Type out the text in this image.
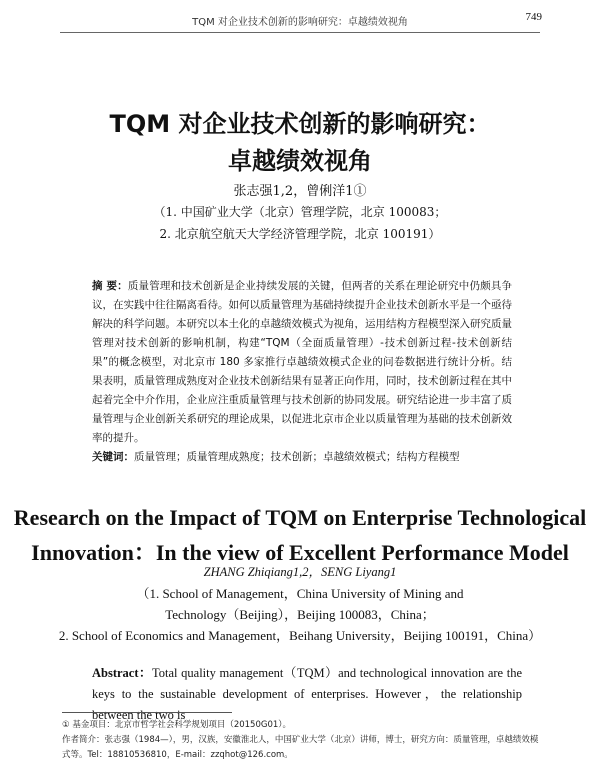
TQM 对企业技术创新的影响研究：卓越绩效视角	749
TQM 对企业技术创新的影响研究：
卓越绩效视角
张志强1,2，曾俐洋1①
（1. 中国矿业大学（北京）管理学院，北京 100083；
2. 北京航空航天大学经济管理学院，北京 100191）
摘 要：质量管理和技术创新是企业持续发展的关键，但两者的关系在理论研究中仍颇具争议，在实践中往往隔离看待。如何以质量管理为基础持续提升企业技术创新水平是一个亟待解决的科学问题。本研究以本土化的卓越绩效模式为视角，运用结构方程模型深入研究质量管理对技术创新的影响机制，构建“TQM（全面质量管理）-技术创新过程-技术创新结果”的概念模型，对北京市 180 多家推行卓越绩效模式企业的问卷数据进行统计分析。结果表明，质量管理成熟度对企业技术创新结果有显著正向作用，同时，技术创新过程在其中起着完全中介作用，企业应注重质量管理与技术创新的协同发展。研究结论进一步丰富了质量管理与企业创新关系研究的理论成果，以促进北京市企业以质量管理为基础的技术创新效率的提升。
关键词：质量管理；质量管理成熟度；技术创新；卓越绩效模式；结构方程模型
Research on the Impact of TQM on Enterprise Technological
Innovation：In the view of Excellent Performance Model
ZHANG Zhiqiang1,2，SENG Liyang1
（1. School of Management，China University of Mining and
Technology（Beijing），Beijing 100083，China；
2. School of Economics and Management，Beihang University，Beijing 100191，China）
Abstract：Total quality management（TQM）and technological innovation are the keys to the sustainable development of enterprises. However，the relationship between the two is
① 基金项目：北京市哲学社会科学规划项目（20150G01）。
作者简介：张志强（1984—），男，汉族，安徽淮北人，中国矿业大学（北京）讲师，博士，研究方向：质量管理，卓越绩效模式等。Tel：18810536810，E-mail：zzqhot@126.com。
